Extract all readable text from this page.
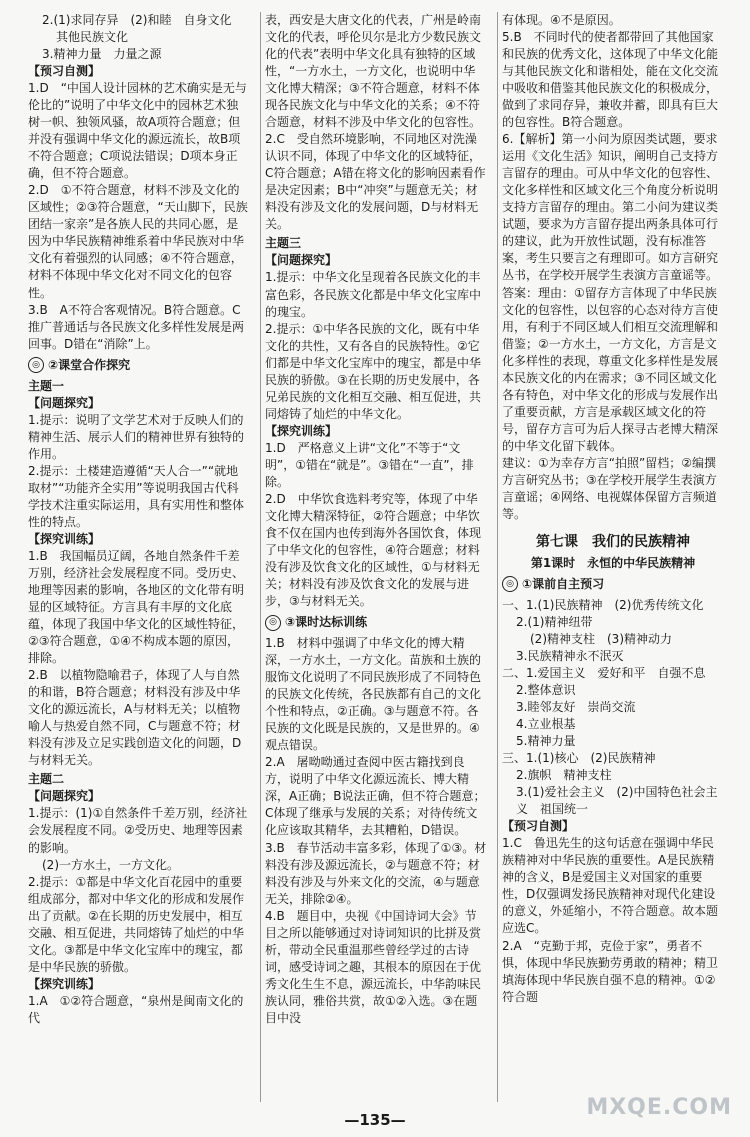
2.(1)求同存异　(2)和睦　自身文化
其他民族文化
3.精神力量　力量之源
【预习自测】
1.D　“中国人设计园林的艺术确实是无与伦比的”说明了中华文化中的园林艺术独树一帜、独领风骚，故A项符合题意；但并没有强调中华文化的源远流长，故B项不符合题意；C项说法错误；D项本身正确，但不符合题意。
2.D　①不符合题意，材料不涉及文化的区域性；②③符合题意，“天山脚下，民族团结一家亲”是各族人民的共同心愿，是因为中华民族精神维系着中华民族对中华文化有着强烈的认同感；④不符合题意，材料不体现中华文化对不同文化的包容性。
3.B　A不符合客观情况。B符合题意。C推广普通话与各民族文化多样性发展是两回事。D错在“消除”上。
◎ ②课堂合作探究
主题一
【问题探究】
1.提示：说明了文学艺术对于反映人们的精神生活、展示人们的精神世界有独特的作用。
2.提示：土楼建造遵循“天人合一”“就地取材”“功能齐全实用”等说明我国古代科学技术注重实际运用，具有实用性和整体性的特点。
【探究训练】
1.B　我国幅员辽阔，各地自然条件千差万别，经济社会发展程度不同。受历史、地理等因素的影响，各地区的文化带有明显的区域特征。方言具有丰厚的文化底蕴，体现了我国中华文化的区域性特征，②③符合题意，①④不构成本题的原因，排除。
2.B　以植物隐喻君子，体现了人与自然的和谐，B符合题意；材料没有涉及中华文化的源远流长，A与材料无关；以植物喻人与热爱自然不同，C与题意不符；材料没有涉及立足实践创造文化的问题，D与材料无关。
主题二
【问题探究】
1.提示：(1)①自然条件千差万别，经济社会发展程度不同。②受历史、地理等因素的影响。
(2)一方水土，一方文化。
2.提示：①都是中华文化百花园中的重要组成部分，都对中华文化的形成和发展作出了贡献。②在长期的历史发展中，相互交融、相互促进，共同熔铸了灿烂的中华文化。③都是中华文化宝库中的瑰宝，都是中华民族的骄傲。
【探究训练】
1.A　①②符合题意，“泉州是闽南文化的代
表，西安是大唐文化的代表，广州是岭南文化的代表，呼伦贝尔是北方少数民族文化的代表”表明中华文化具有独特的区域性，“一方水土，一方文化，也说明中华文化博大精深；③不符合题意，材料不体现各民族文化与中华文化的关系；④不符合题意，材料不涉及中华文化的包容性。
2.C　受自然环境影响，不同地区对洗澡认识不同，体现了中华文化的区域特征，C符合题意；A错在将文化的影响因素看作是决定因素；B中“冲突”与题意无关；材料没有涉及文化的发展问题，D与材料无关。
主题三
【问题探究】
1.提示：中华文化呈现着各民族文化的丰富色彩，各民族文化都是中华文化宝库中的瑰宝。
2.提示：①中华各民族的文化，既有中华文化的共性，又有各自的民族特性。②它们都是中华文化宝库中的瑰宝，都是中华民族的骄傲。③在长期的历史发展中，各兄弟民族的文化相互交融、相互促进，共同熔铸了灿烂的中华文化。
【探究训练】
1.D　严格意义上讲“文化”不等于“文明”，①错在“就是”。③错在“一直”，排除。
2.D　中华饮食选料考究等，体现了中华文化博大精深特征，②符合题意；中华饮食不仅在国内也传到海外各国饮食，体现了中华文化的包容性，④符合题意；材料没有涉及饮食文化的区域性，①与材料无关；材料没有涉及饮食文化的发展与进步，③与材料无关。
◎ ③课时达标训练
1.B　材料中强调了中华文化的博大精深，一方水土，一方文化。苗族和土族的服饰文化说明了不同民族形成了不同特色的民族文化传统，各民族都有自己的文化个性和特点，②正确。③与题意不符。各民族的文化既是民族的，又是世界的。④观点错误。
2.A　屠呦呦通过查阅中医古籍找到良方，说明了中华文化源远流长、博大精深，A正确；B说法正确，但不符合题意；C体现了继承与发展的关系；对待传统文化应该取其精华，去其糟粕，D错误。
3.B　春节活动丰富多彩，体现了①③。材料没有涉及源远流长，②与题意不符；材料没有涉及与外来文化的交流，④与题意无关，排除②④。
4.B　题目中，央视《中国诗词大会》节目之所以能够通过对诗词知识的比拼及赏析，带动全民重温那些曾经学过的古诗词，感受诗词之趣，其根本的原因在于优秀文化生生不息，源远流长，中华韵味民族认同，雅俗共赏，故①②入选。③在题目中没
有体现。④不是原因。
5.B　不同时代的使者都带回了其他国家和民族的优秀文化，这体现了中华文化能与其他民族文化和谐相处，能在文化交流中吸收和借鉴其他民族文化的积极成分，做到了求同存异，兼收并蓄，即具有巨大的包容性。B符合题意。
6.【解析】第一小问为原因类试题，要求运用《文化生活》知识，阐明自己支持方言留存的理由。可从中华文化的包容性、文化多样性和区域文化三个角度分析说明支持方言留存的理由。第二小问为建议类试题，要求为方言留存提出两条具体可行的建议，此为开放性试题，没有标准答案，考生只要言之有理即可。如方言研究丛书，在学校开展学生表演方言童谣等。
答案：理由：①留存方言体现了中华民族文化的包容性，以包容的心态对待方言使用，有利于不同区域人们相互交流理解和借鉴；②一方水土，一方文化，方言是文化多样性的表现，尊重文化多样性是发展本民族文化的内在需求；③不同区域文化各有特色，对中华文化的形成与发展作出了重要贡献，方言是承载区域文化的符号，留存方言可为后人探寻古老博大精深的中华文化留下载体。
建议：①为幸存方言“拍照”留档；②编撰方言研究丛书；③在学校开展学生表演方言童谣；④网络、电视媒体保留方言频道等。
第七课　我们的民族精神
第1课时　永恒的中华民族精神
◎ ①课前自主预习
一、1.(1)民族精神　(2)优秀传统文化
2.(1)精神纽带
(2)精神支柱　(3)精神动力
3.民族精神永不泯灭
二、1.爱国主义　爱好和平　自强不息
2.整体意识
3.睦邻友好　崇尚交流
4.立业根基
5.精神力量
三、1.(1)核心　(2)民族精神
2.旗帜　精神支柱
3.(1)爱社会主义　(2)中国特色社会主义　祖国统一
【预习自测】
1.C　鲁迅先生的这句话意在强调中华民族精神对中华民族的重要性。A是民族精神的含义，B是爱国主义对国家的重要性，D仅强调发扬民族精神对现代化建设的意义，外延缩小，不符合题意。故本题应选C。
2.A　“克勤于邦，克俭于家”，勇者不惧，体现中华民族勤劳勇敢的精神；精卫填海体现中华民族自强不息的精神。①②符合题
—135—	MXQE.COM
